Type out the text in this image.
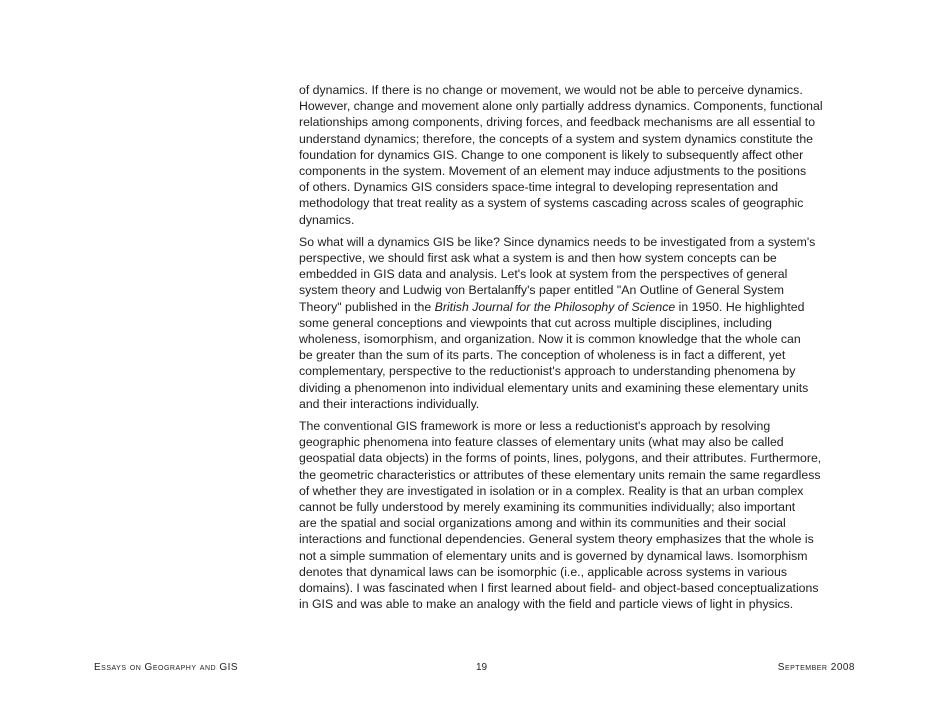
of dynamics. If there is no change or movement, we would not be able to perceive dynamics.
However, change and movement alone only partially address dynamics. Components, functional
relationships among components, driving forces, and feedback mechanisms are all essential to
understand dynamics; therefore, the concepts of a system and system dynamics constitute the
foundation for dynamics GIS. Change to one component is likely to subsequently affect other
components in the system. Movement of an element may induce adjustments to the positions
of others. Dynamics GIS considers space-time integral to developing representation and
methodology that treat reality as a system of systems cascading across scales of geographic
dynamics.
So what will a dynamics GIS be like? Since dynamics needs to be investigated from a system's
perspective, we should first ask what a system is and then how system concepts can be
embedded in GIS data and analysis. Let's look at system from the perspectives of general
system theory and Ludwig von Bertalanffy's paper entitled "An Outline of General System
Theory" published in the British Journal for the Philosophy of Science in 1950. He highlighted
some general conceptions and viewpoints that cut across multiple disciplines, including
wholeness, isomorphism, and organization. Now it is common knowledge that the whole can
be greater than the sum of its parts. The conception of wholeness is in fact a different, yet
complementary, perspective to the reductionist's approach to understanding phenomena by
dividing a phenomenon into individual elementary units and examining these elementary units
and their interactions individually.
The conventional GIS framework is more or less a reductionist's approach by resolving
geographic phenomena into feature classes of elementary units (what may also be called
geospatial data objects) in the forms of points, lines, polygons, and their attributes. Furthermore,
the geometric characteristics or attributes of these elementary units remain the same regardless
of whether they are investigated in isolation or in a complex. Reality is that an urban complex
cannot be fully understood by merely examining its communities individually; also important
are the spatial and social organizations among and within its communities and their social
interactions and functional dependencies. General system theory emphasizes that the whole is
not a simple summation of elementary units and is governed by dynamical laws. Isomorphism
denotes that dynamical laws can be isomorphic (i.e., applicable across systems in various
domains). I was fascinated when I first learned about field- and object-based conceptualizations
in GIS and was able to make an analogy with the field and particle views of light in physics.
Essays on Geography and GIS	19	September 2008
